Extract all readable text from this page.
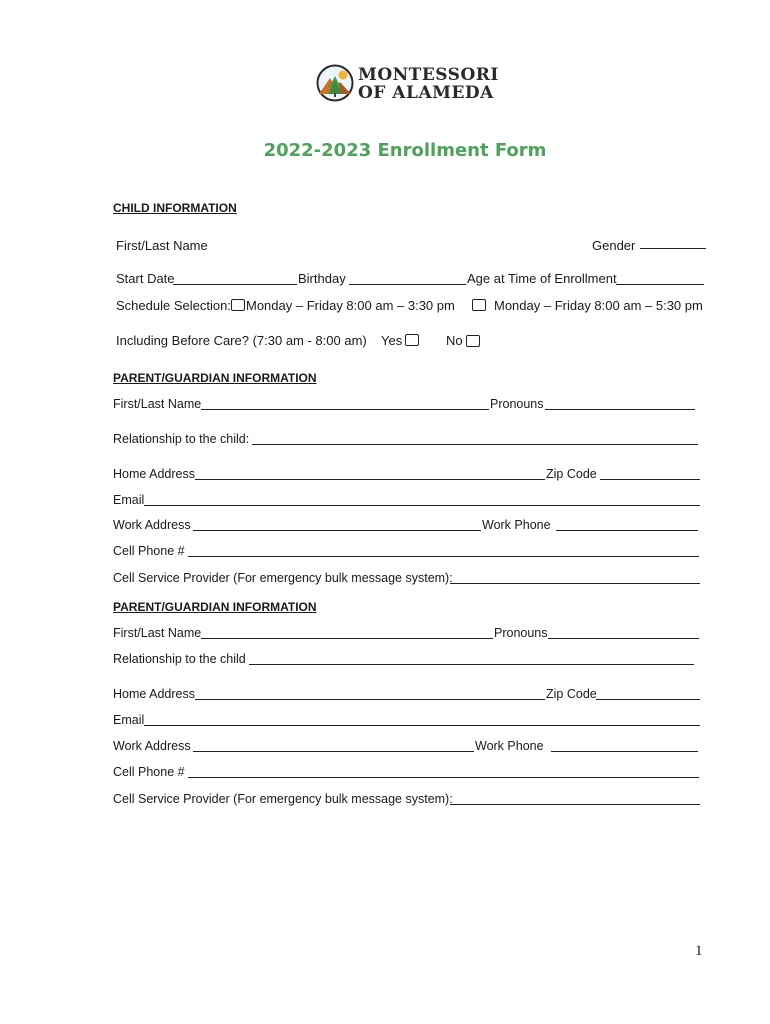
MONTESSORI
OF ALAMEDA
2022-2023 Enrollment Form
CHILD INFORMATION
First/Last Name	Gender
Start Date	Birthday	Age at Time of Enrollment
Schedule Selection: Monday – Friday 8:00 am – 3:30 pm	Monday – Friday 8:00 am – 5:30 pm
Including Before Care? (7:30 am - 8:00 am) Yes	No
PARENT/GUARDIAN INFORMATION
First/Last Name	Pronouns
Relationship to the child:
Home Address	Zip Code
Email
Work Address	Work Phone
Cell Phone #
Cell Service Provider (For emergency bulk message system):
PARENT/GUARDIAN INFORMATION
First/Last Name	Pronouns
Relationship to the child
Home Address	Zip Code
Email
Work Address	Work Phone
Cell Phone #
Cell Service Provider (For emergency bulk message system):
1
